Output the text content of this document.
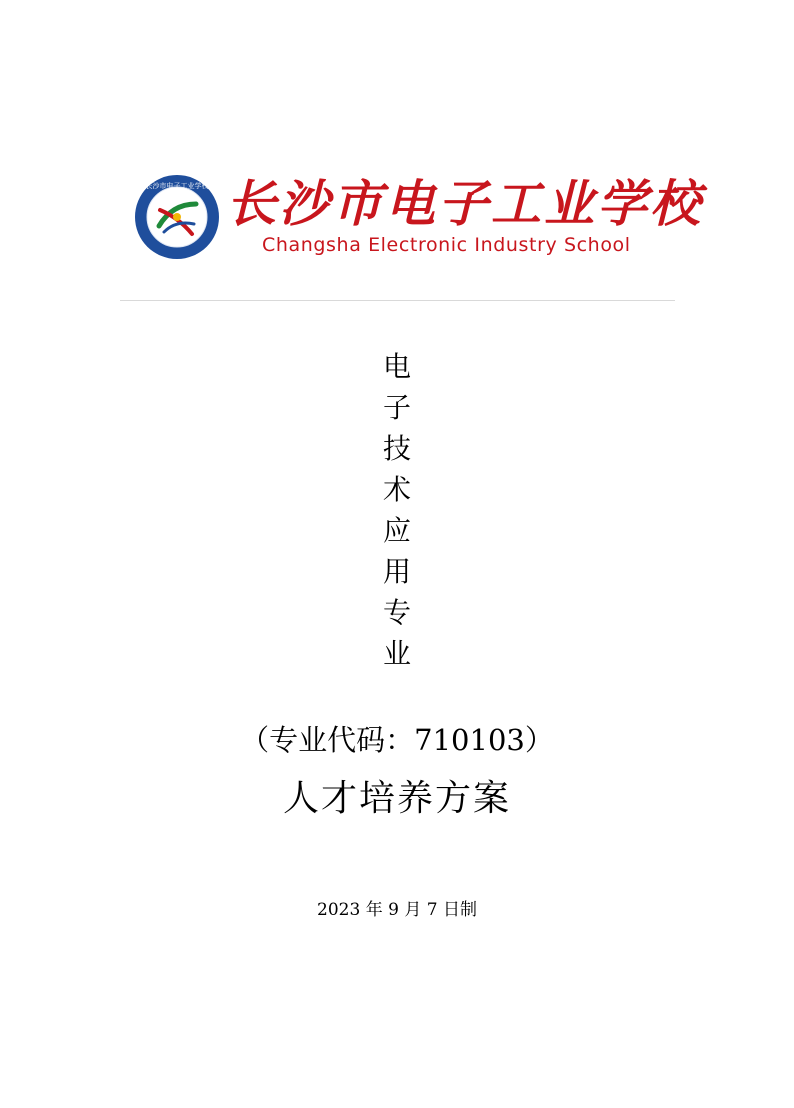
长沙市电子工业学校 长沙市电子工业学校
Changsha Electronic Industry School
电
子
技
术
应
用
专
业
（专业代码：710103）
人才培养方案
2023 年 9 月 7 日制
